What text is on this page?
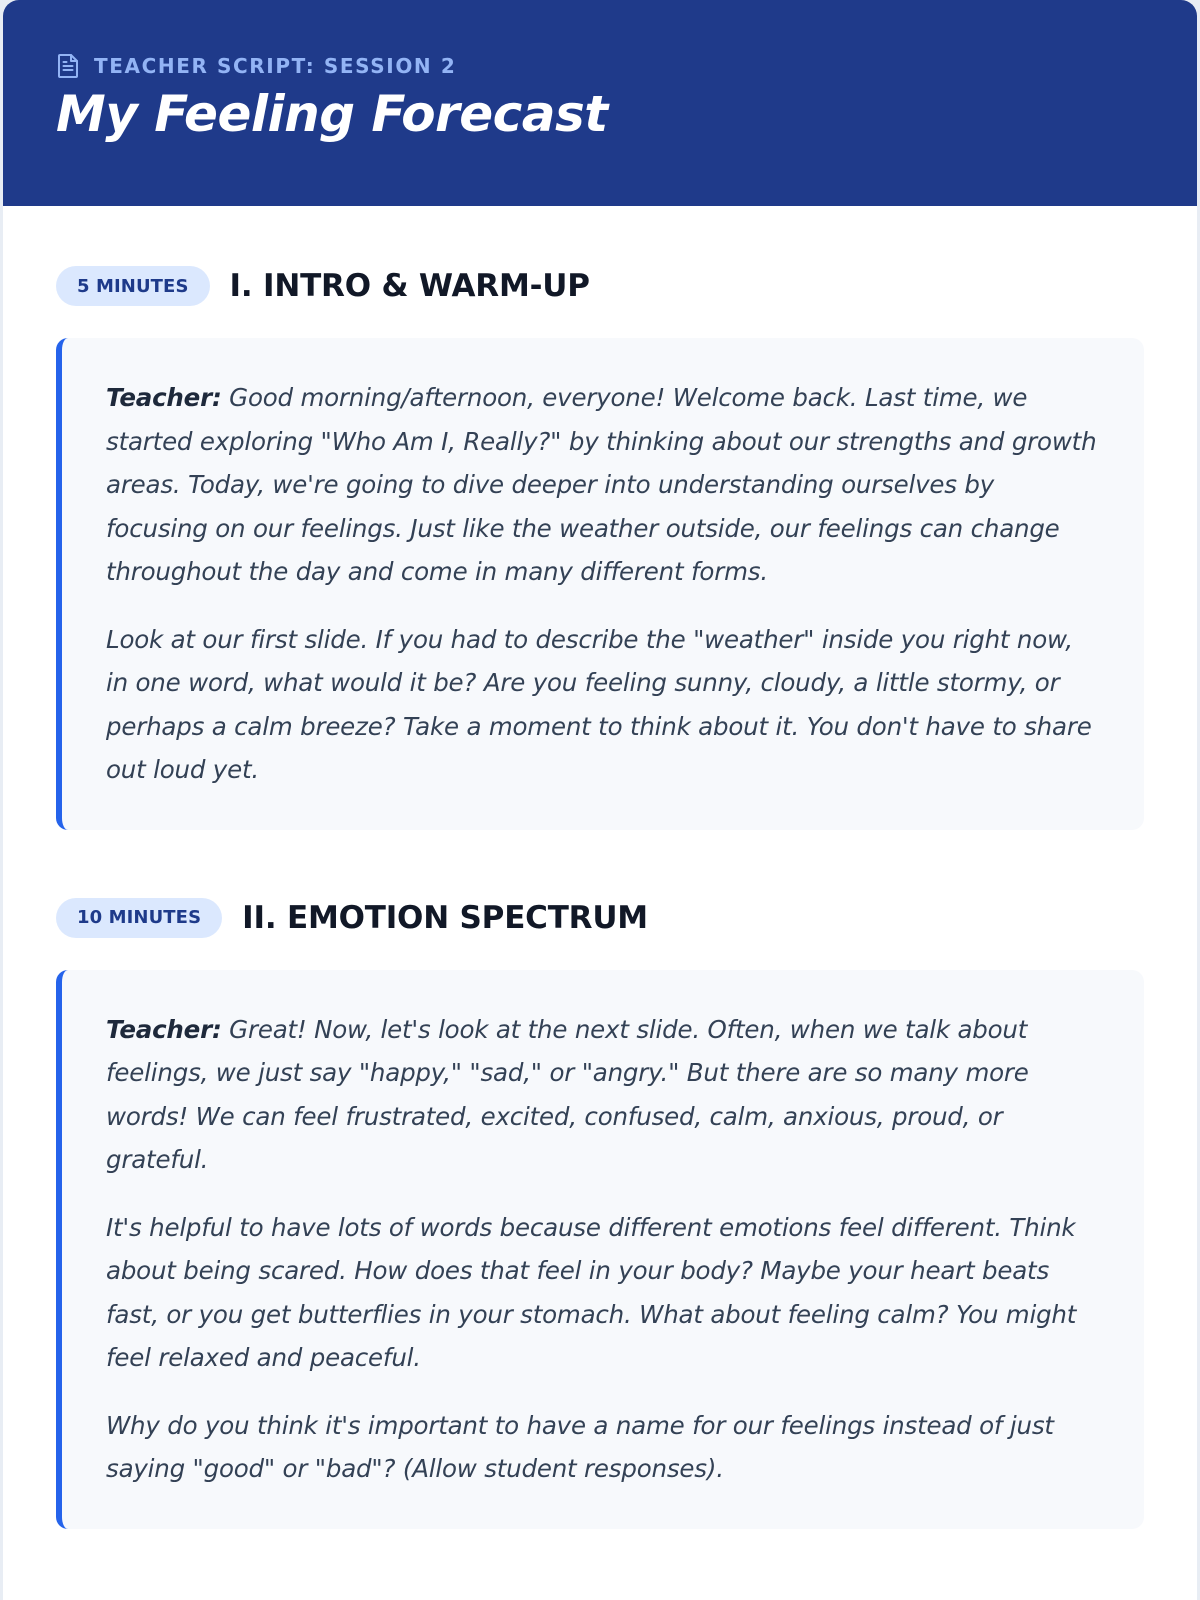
TEACHER SCRIPT: SESSION 2
My Feeling Forecast
5 MINUTES	I. INTRO & WARM-UP

Teacher: Good morning/afternoon, everyone! Welcome back. Last time, we started exploring "Who Am I, Really?" by thinking about our strengths and growth areas. Today, we're going to dive deeper into understanding ourselves by focusing on our feelings. Just like the weather outside, our feelings can change throughout the day and come in many different forms.

Look at our first slide. If you had to describe the "weather" inside you right now, in one word, what would it be? Are you feeling sunny, cloudy, a little stormy, or perhaps a calm breeze? Take a moment to think about it. You don't have to share out loud yet.

10 MINUTES	II. EMOTION SPECTRUM

Teacher: Great! Now, let's look at the next slide. Often, when we talk about feelings, we just say "happy," "sad," or "angry." But there are so many more words! We can feel frustrated, excited, confused, calm, anxious, proud, or grateful.

It's helpful to have lots of words because different emotions feel different. Think about being scared. How does that feel in your body? Maybe your heart beats fast, or you get butterflies in your stomach. What about feeling calm? You might feel relaxed and peaceful.

Why do you think it's important to have a name for our feelings instead of just saying "good" or "bad"? (Allow student responses).
